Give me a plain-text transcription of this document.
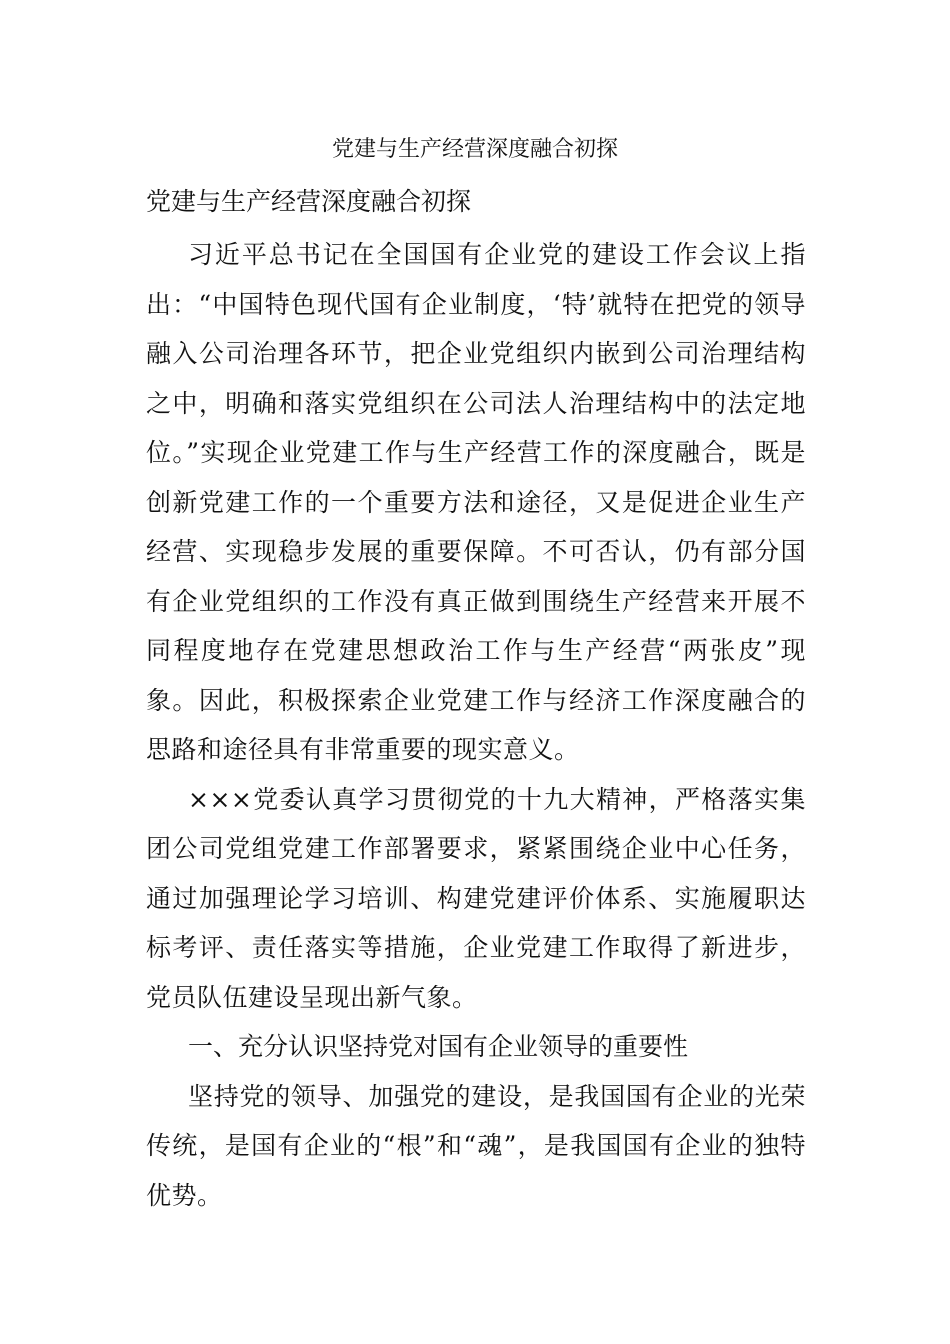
党建与生产经营深度融合初探
党建与生产经营深度融合初探

习近平总书记在全国国有企业党的建设工作会议上指出：“中国特色现代国有企业制度，‘特’就特在把党的领导融入公司治理各环节，把企业党组织内嵌到公司治理结构之中，明确和落实党组织在公司法人治理结构中的法定地位。”实现企业党建工作与生产经营工作的深度融合，既是创新党建工作的一个重要方法和途径，又是促进企业生产经营、实现稳步发展的重要保障。不可否认，仍有部分国有企业党组织的工作没有真正做到围绕生产经营来开展不同程度地存在党建思想政治工作与生产经营“两张皮”现象。因此，积极探索企业党建工作与经济工作深度融合的思路和途径具有非常重要的现实意义。

×××党委认真学习贯彻党的十九大精神，严格落实集团公司党组党建工作部署要求，紧紧围绕企业中心任务，通过加强理论学习培训、构建党建评价体系、实施履职达标考评、责任落实等措施，企业党建工作取得了新进步，党员队伍建设呈现出新气象。

一、充分认识坚持党对国有企业领导的重要性

坚持党的领导、加强党的建设，是我国国有企业的光荣传统，是国有企业的“根”和“魂”，是我国国有企业的独特优势。
